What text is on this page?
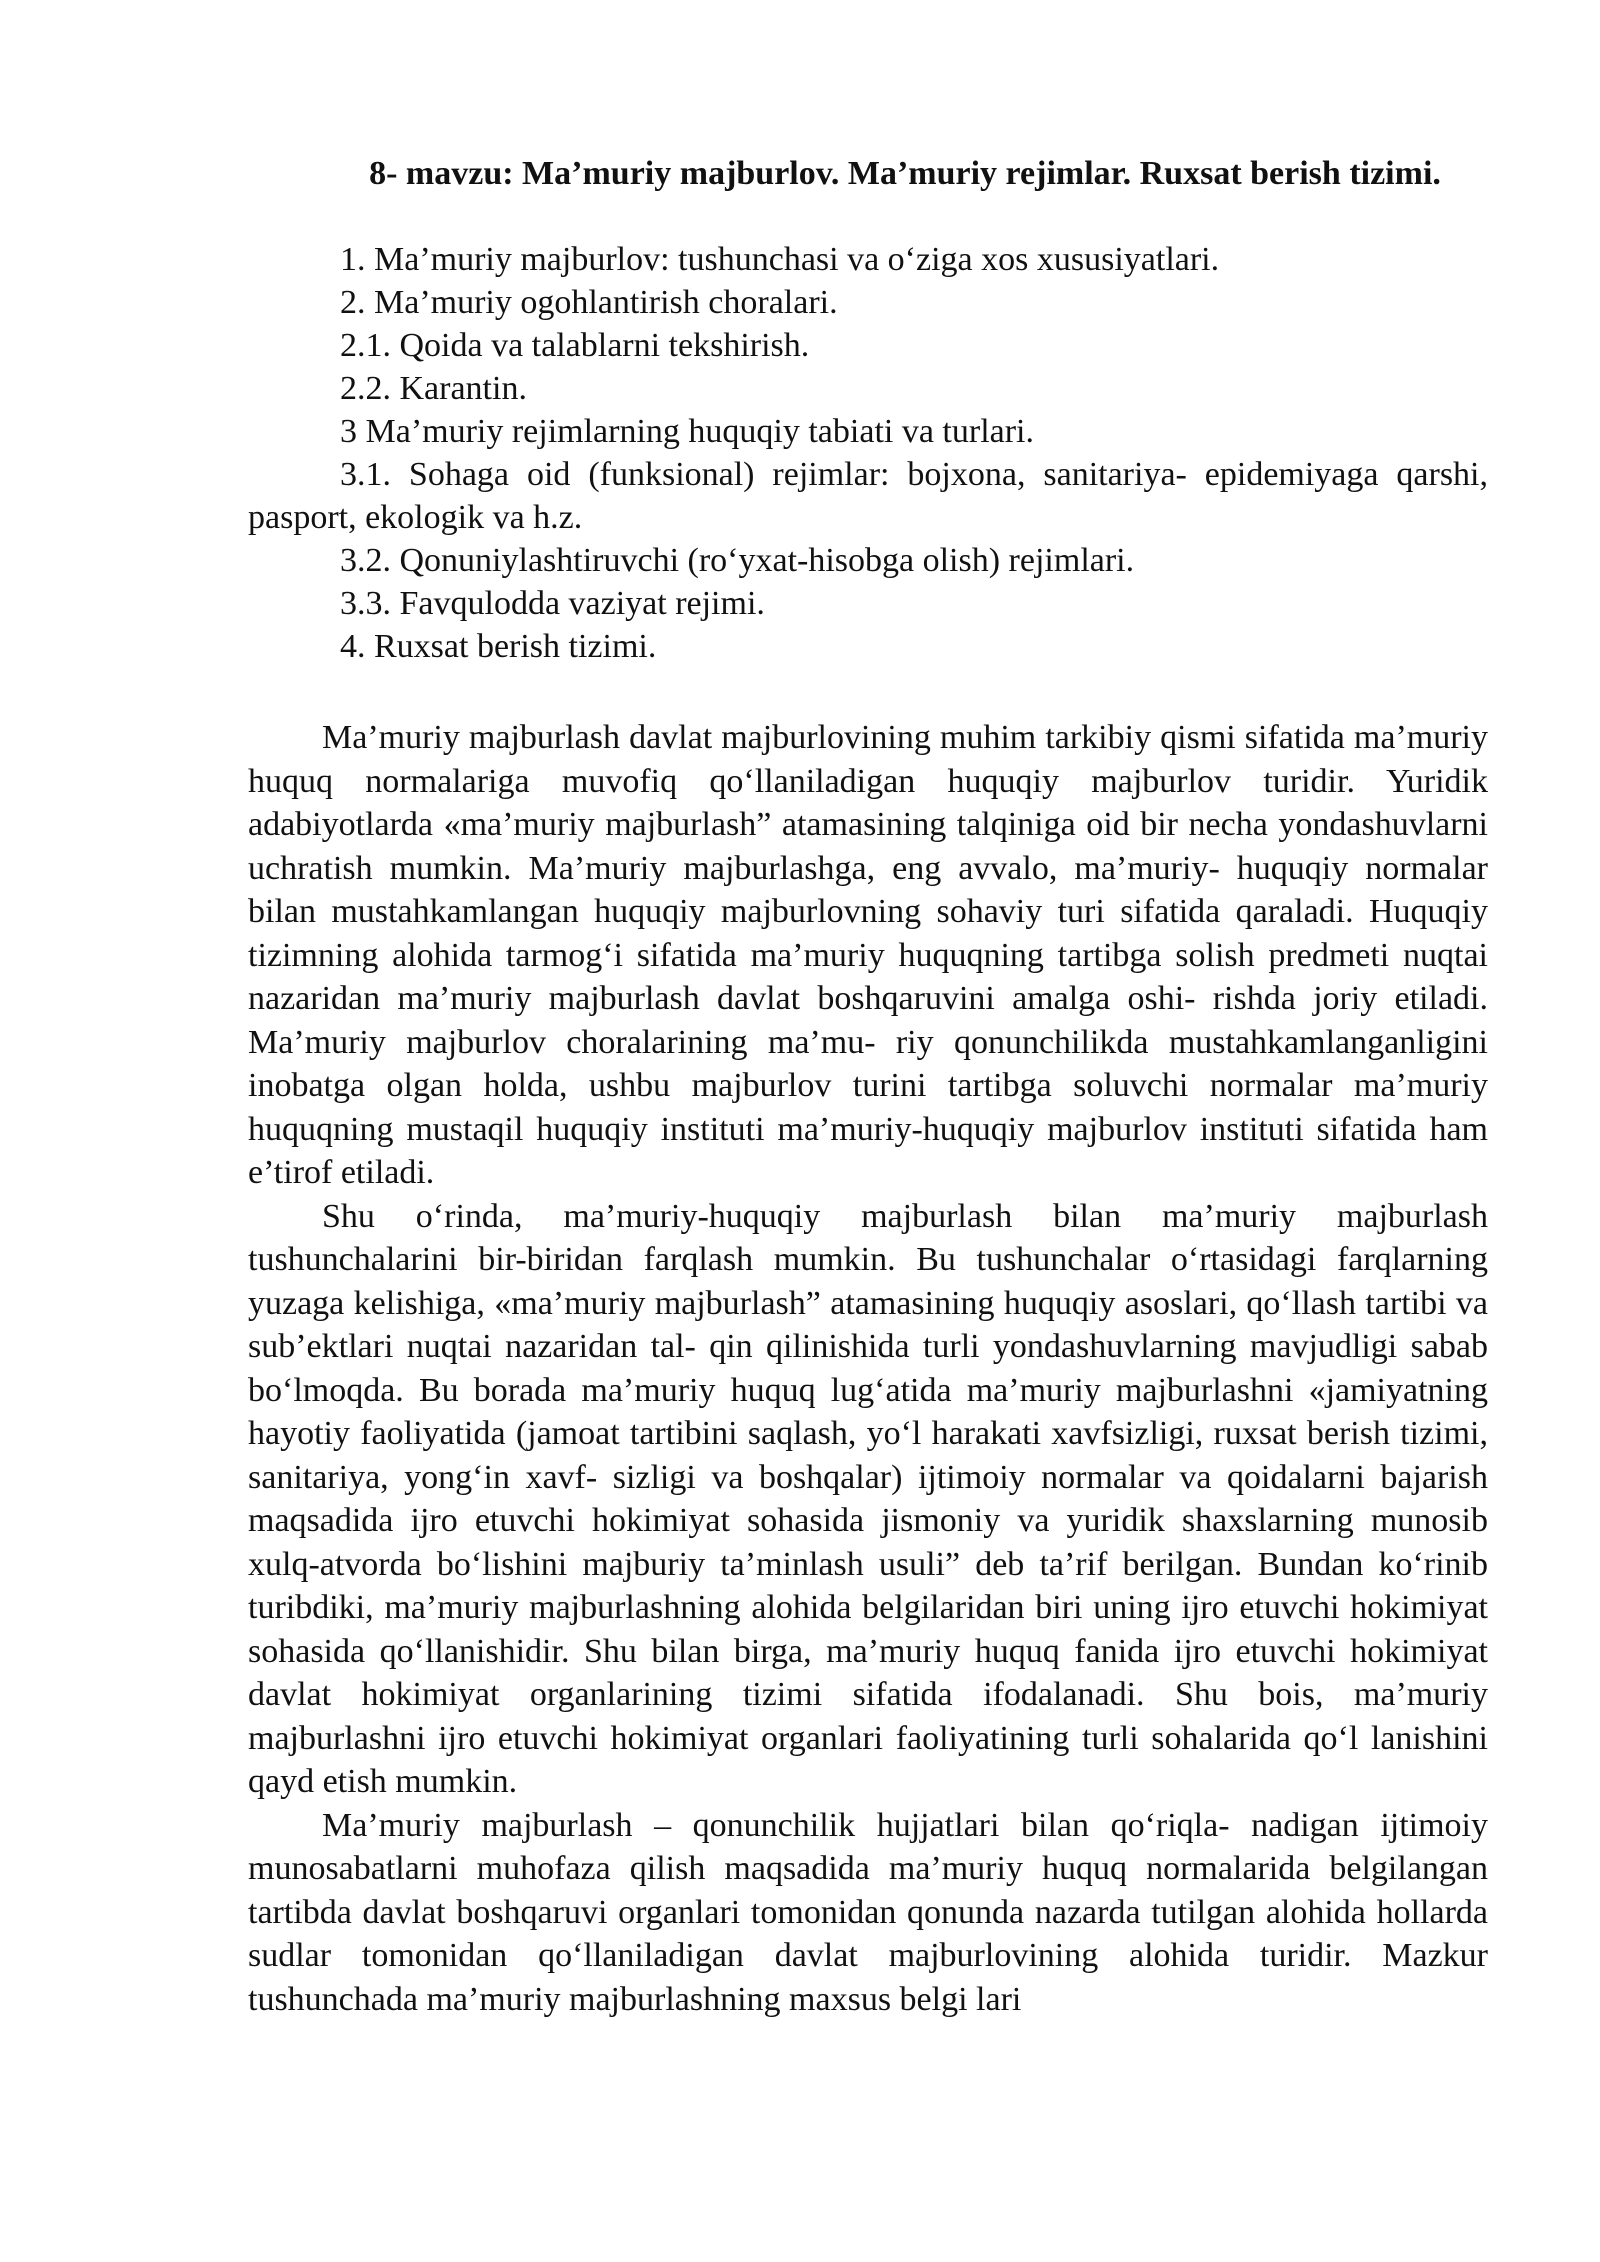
8- mavzu: Ma’muriy majburlov. Ma’muriy rejimlar. Ruxsat berish tizimi.
1. Ma’muriy majburlov: tushunchasi va o‘ziga xos xususiyatlari.
2. Ma’muriy ogohlantirish choralari.
2.1. Qoida va talablarni tekshirish.
2.2. Karantin.
3 Ma’muriy rejimlarning huquqiy tabiati va turlari.
3.1. Sohaga oid (funksional) rejimlar: bojxona, sanitariya- epidemiyaga qarshi, pasport, ekologik va h.z.
3.2. Qonuniylashtiruvchi (ro‘yxat-hisobga olish) rejimlari.
3.3. Favqulodda vaziyat rejimi.
4. Ruxsat berish tizimi.

Ma’muriy majburlash davlat majburlovining muhim tarkibiy qismi sifatida ma’muriy huquq normalariga muvofiq qo‘llaniladigan huquqiy majburlov turidir. Yuridik adabiyotlarda «ma’muriy majburlash” atamasining talqiniga oid bir necha yondashuvlarni uchratish mumkin. Ma’muriy majburlashga, eng avvalo, ma’muriy- huquqiy normalar bilan mustahkamlangan huquqiy majburlovning sohaviy turi sifatida qaraladi. Huquqiy tizimning alohida tarmog‘i sifatida ma’muriy huquqning tartibga solish predmeti nuqtai nazaridan ma’muriy majburlash davlat boshqaruvini amalga oshi- rishda joriy etiladi. Ma’muriy majburlov choralarining ma’mu- riy qonunchilikda mustahkamlanganligini inobatga olgan holda, ushbu majburlov turini tartibga soluvchi normalar ma’muriy huquqning mustaqil huquqiy instituti ma’muriy-huquqiy majburlov instituti sifatida ham e’tirof etiladi.

Shu o‘rinda, ma’muriy-huquqiy majburlash bilan ma’muriy majburlash tushunchalarini bir-biridan farqlash mumkin. Bu tushunchalar o‘rtasidagi farqlarning yuzaga kelishiga, «ma’muriy majburlash” atamasining huquqiy asoslari, qo‘llash tartibi va sub’ektlari nuqtai nazaridan tal- qin qilinishida turli yondashuvlarning mavjudligi sabab bo‘lmoqda. Bu borada ma’muriy huquq lug‘atida ma’muriy majburlashni «jamiyatning hayotiy faoliyatida (jamoat tartibini saqlash, yo‘l harakati xavfsizligi, ruxsat berish tizimi, sanitariya, yong‘in xavf- sizligi va boshqalar) ijtimoiy normalar va qoidalarni bajarish maqsadida ijro etuvchi hokimiyat sohasida jismoniy va yuridik shaxslarning munosib xulq-atvorda bo‘lishini majburiy ta’minlash usuli” deb ta’rif berilgan. Bundan ko‘rinib turibdiki, ma’muriy majburlashning alohida belgilaridan biri uning ijro etuvchi hokimiyat sohasida qo‘llanishidir. Shu bilan birga, ma’muriy huquq fanida ijro etuvchi hokimiyat davlat hokimiyat organlarining tizimi sifatida ifodalanadi. Shu bois, ma’muriy majburlashni ijro etuvchi hokimiyat organlari faoliyatining turli sohalarida qo‘l lanishini qayd etish mumkin.

Ma’muriy majburlash – qonunchilik hujjatlari bilan qo‘riqla- nadigan ijtimoiy munosabatlarni muhofaza qilish maqsadida ma’muriy huquq normalarida belgilangan tartibda davlat boshqaruvi organlari tomonidan qonunda nazarda tutilgan alohida hollarda sudlar tomonidan qo‘llaniladigan davlat majburlovining alohida turidir. Mazkur tushunchada ma’muriy majburlashning maxsus belgi lari
